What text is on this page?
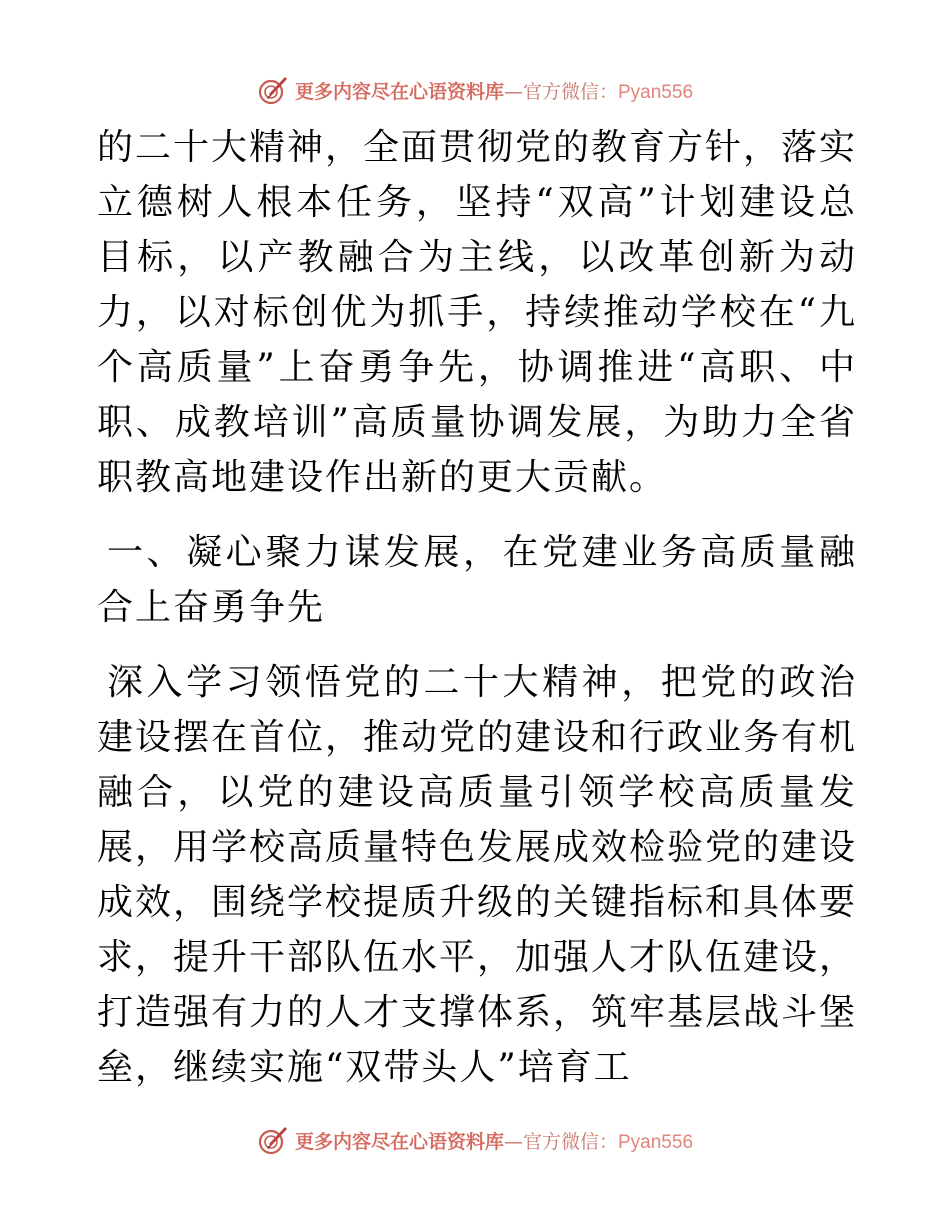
更多内容尽在心语资料库—官方微信：Pyan556

的二十大精神，全面贯彻党的教育方针，落实立德树人根本任务，坚持“双高”计划建设总目标，以产教融合为主线，以改革创新为动力，以对标创优为抓手，持续推动学校在“九个高质量”上奋勇争先，协调推进“高职、中职、成教培训”高质量协调发展，为助力全省职教高地建设作出新的更大贡献。

一、凝心聚力谋发展，在党建业务高质量融合上奋勇争先

深入学习领悟党的二十大精神，把党的政治建设摆在首位，推动党的建设和行政业务有机融合，以党的建设高质量引领学校高质量发展，用学校高质量特色发展成效检验党的建设成效，围绕学校提质升级的关键指标和具体要求，提升干部队伍水平，加强人才队伍建设，打造强有力的人才支撑体系，筑牢基层战斗堡垒，继续实施“双带头人”培育工

更多内容尽在心语资料库—官方微信：Pyan556
